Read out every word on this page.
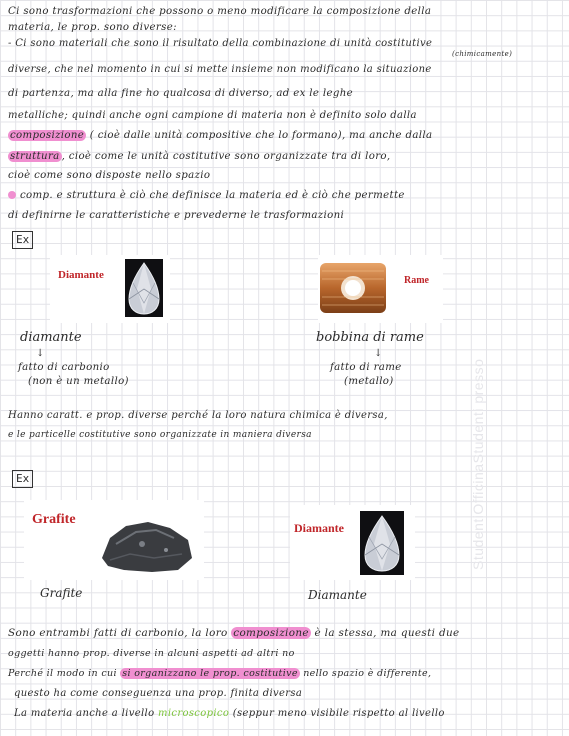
Ci sono trasformazioni che possono o meno modificare la composizione della
materia, le prop. sono diverse:
- Ci sono materiali che sono il risultato della combinazione di unità costitutive
(chimicamente)
diverse, che nel momento in cui si mette insieme non modificano la situazione
di partenza, ma alla fine ho qualcosa di diverso, ad ex le leghe
metalliche; quindi anche ogni campione di materia non è definito solo dalla
composizione ( cioè dalle unità compositive che lo formano), ma anche dalla
struttura , cioè come le unità costitutive sono organizzate tra di loro,
cioè come sono disposte nello spazio
comp. e struttura è ciò che definisce la materia ed è ciò che permette
di definirne le caratteristiche e prevederne le trasformazioni
Ex
Diamante	Rame
diamante
↓
fatto di carbonio
(non è un metallo)
bobbina di rame
↓
fatto di rame
(metallo)
Hanno caratt. e prop. diverse perché la loro natura chimica è diversa,
e le particelle costitutive sono organizzate in maniera diversa
Ex
Grafite
Diamante
Grafite	Diamante
Sono entrambi fatti di carbonio, la loro composizione è la stessa, ma questi due
oggetti hanno prop. diverse in alcuni aspetti ad altri no
Perché il modo in cui si organizzano le prop. costitutive nello spazio è differente,
questo ha come conseguenza una prop. finita diversa
La materia anche a livello microscopico (seppur meno visibile rispetto al livello
StudentiOfficinaStudenti presso
